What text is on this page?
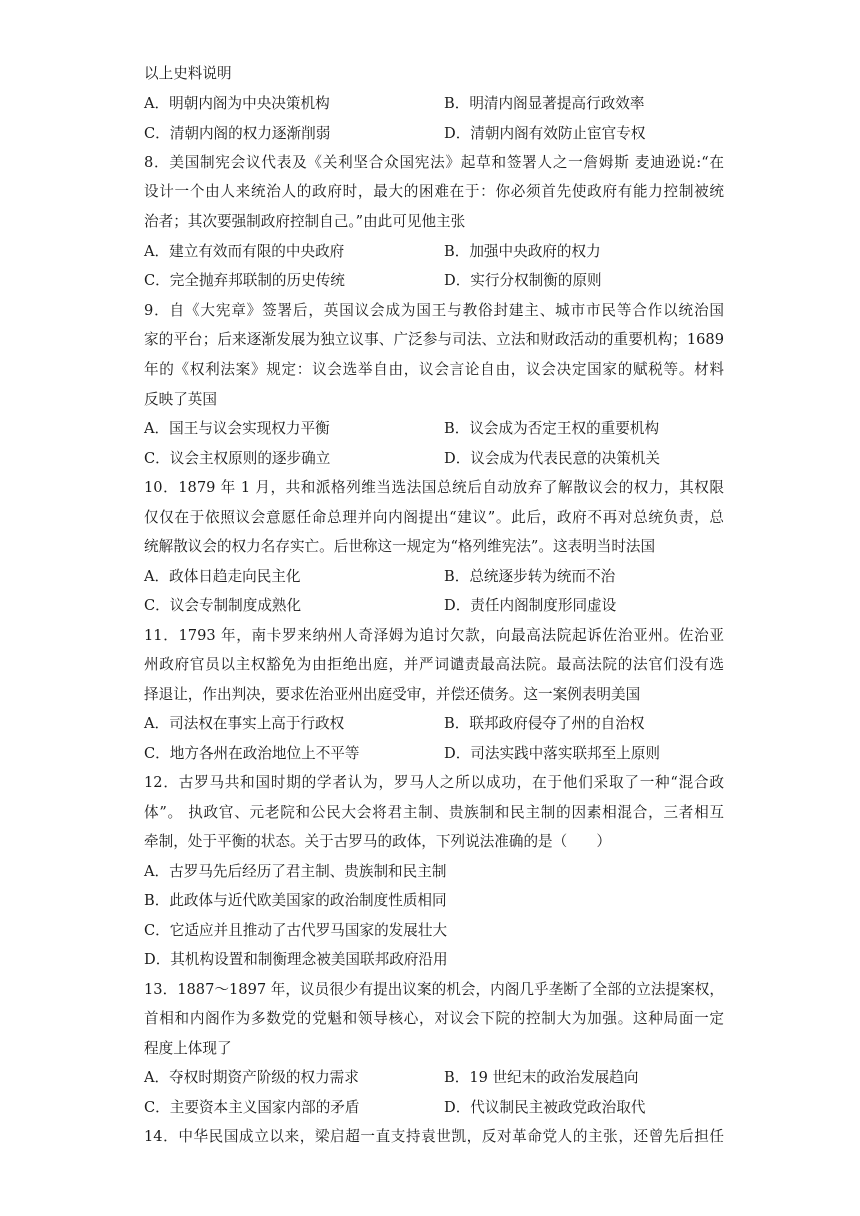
以上史料说明
A．明朝内阁为中央决策机构	B．明清内阁显著提高行政效率
C．清朝内阁的权力逐渐削弱	D．清朝内阁有效防止宦官专权
8．美国制宪会议代表及《关利坚合众国宪法》起草和签署人之一詹姆斯 麦迪逊说:“在
设计一个由人来统治人的政府时，最大的困难在于：你必须首先使政府有能力控制被统
治者；其次要强制政府控制自己。”由此可见他主张
A．建立有效而有限的中央政府	B．加强中央政府的权力
C．完全抛弃邦联制的历史传统	D．实行分权制衡的原则
9．自《大宪章》签署后，英国议会成为国王与教俗封建主、城市市民等合作以统治国
家的平台；后来逐渐发展为独立议事、广泛参与司法、立法和财政活动的重要机构；1689
年的《权利法案》规定：议会选举自由，议会言论自由，议会决定国家的赋税等。材料
反映了英国
A．国王与议会实现权力平衡	B．议会成为否定王权的重要机构
C．议会主权原则的逐步确立	D．议会成为代表民意的决策机关
10．1879 年 1 月，共和派格列维当选法国总统后自动放弃了解散议会的权力，其权限
仅仅在于依照议会意愿任命总理并向内阁提出“建议”。此后，政府不再对总统负责，总
统解散议会的权力名存实亡。后世称这一规定为“格列维宪法”。这表明当时法国
A．政体日趋走向民主化	B．总统逐步转为统而不治
C．议会专制制度成熟化	D．责任内阁制度形同虚设
11．1793 年，南卡罗来纳州人奇泽姆为追讨欠款，向最高法院起诉佐治亚州。佐治亚
州政府官员以主权豁免为由拒绝出庭，并严词谴责最高法院。最高法院的法官们没有选
择退让，作出判决，要求佐治亚州出庭受审，并偿还债务。这一案例表明美国
A．司法权在事实上高于行政权	B．联邦政府侵夺了州的自治权
C．地方各州在政治地位上不平等	D．司法实践中落实联邦至上原则
12．古罗马共和国时期的学者认为，罗马人之所以成功，在于他们采取了一种“混合政
体”。 执政官、元老院和公民大会将君主制、贵族制和民主制的因素相混合，三者相互
牵制，处于平衡的状态。关于古罗马的政体，下列说法准确的是（　　）
A．古罗马先后经历了君主制、贵族制和民主制
B．此政体与近代欧美国家的政治制度性质相同
C．它适应并且推动了古代罗马国家的发展壮大
D．其机构设置和制衡理念被美国联邦政府沿用
13．1887～1897 年，议员很少有提出议案的机会，内阁几乎垄断了全部的立法提案权，
首相和内阁作为多数党的党魁和领导核心，对议会下院的控制大为加强。这种局面一定
程度上体现了
A．夺权时期资产阶级的权力需求	B．19 世纪末的政治发展趋向
C．主要资本主义国家内部的矛盾	D．代议制民主被政党政治取代
14．中华民国成立以来，梁启超一直支持袁世凯，反对革命党人的主张，还曾先后担任
